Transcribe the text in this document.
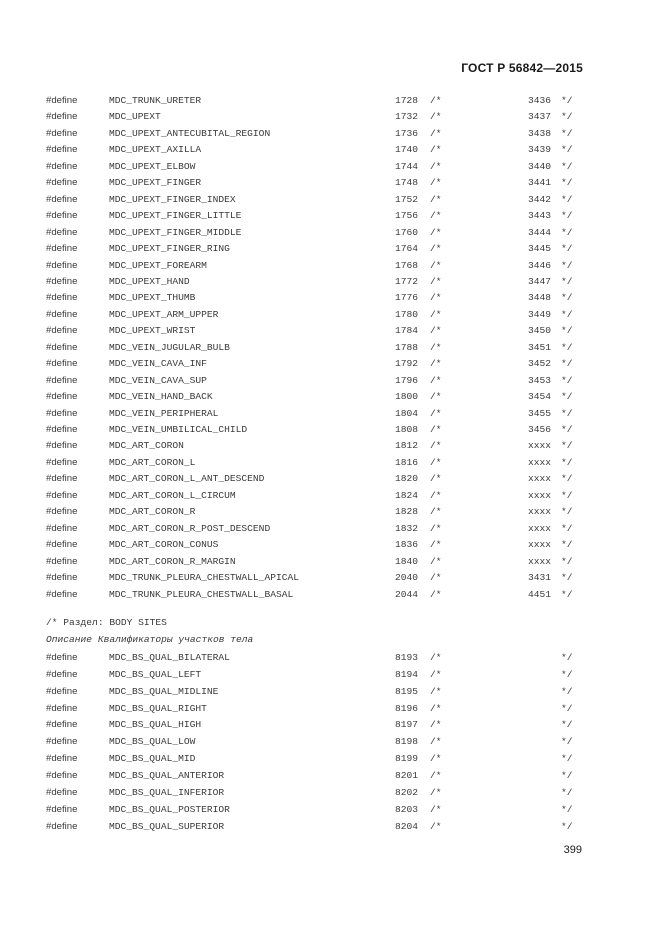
ГОСТ Р 56842—2015
#define	MDC_TRUNK_URETER	1728 /*	3436 */
#define	MDC_UPEXT	1732 /*	3437 */
#define	MDC_UPEXT_ANTECUBITAL_REGION	1736 /*	3438 */
#define	MDC_UPEXT_AXILLA	1740 /*	3439 */
#define	MDC_UPEXT_ELBOW	1744 /*	3440 */
#define	MDC_UPEXT_FINGER	1748 /*	3441 */
#define	MDC_UPEXT_FINGER_INDEX	1752 /*	3442 */
#define	MDC_UPEXT_FINGER_LITTLE	1756 /*	3443 */
#define	MDC_UPEXT_FINGER_MIDDLE	1760 /*	3444 */
#define	MDC_UPEXT_FINGER_RING	1764 /*	3445 */
#define	MDC_UPEXT_FOREARM	1768 /*	3446 */
#define	MDC_UPEXT_HAND	1772 /*	3447 */
#define	MDC_UPEXT_THUMB	1776 /*	3448 */
#define	MDC_UPEXT_ARM_UPPER	1780 /*	3449 */
#define	MDC_UPEXT_WRIST	1784 /*	3450 */
#define	MDC_VEIN_JUGULAR_BULB	1788 /*	3451 */
#define	MDC_VEIN_CAVA_INF	1792 /*	3452 */
#define	MDC_VEIN_CAVA_SUP	1796 /*	3453 */
#define	MDC_VEIN_HAND_BACK	1800 /*	3454 */
#define	MDC_VEIN_PERIPHERAL	1804 /*	3455 */
#define	MDC_VEIN_UMBILICAL_CHILD	1808 /*	3456 */
#define	MDC_ART_CORON	1812 /*	xxxx */
#define	MDC_ART_CORON_L	1816 /*	xxxx */
#define	MDC_ART_CORON_L_ANT_DESCEND	1820 /*	xxxx */
#define	MDC_ART_CORON_L_CIRCUM	1824 /*	xxxx */
#define	MDC_ART_CORON_R	1828 /*	xxxx */
#define	MDC_ART_CORON_R_POST_DESCEND	1832 /*	xxxx */
#define	MDC_ART_CORON_CONUS	1836 /*	xxxx */
#define	MDC_ART_CORON_R_MARGIN	1840 /*	xxxx */
#define	MDC_TRUNK_PLEURA_CHESTWALL_APICAL	2040 /*	3431 */
#define	MDC_TRUNK_PLEURA_CHESTWALL_BASAL	2044 /*	4451 */
/* Раздел: BODY SITES
Описание Квалификаторы участков тела
#define	MDC_BS_QUAL_BILATERAL	8193 /*	*/
#define	MDC_BS_QUAL_LEFT	8194 /*	*/
#define	MDC_BS_QUAL_MIDLINE	8195 /*	*/
#define	MDC_BS_QUAL_RIGHT	8196 /*	*/
#define	MDC_BS_QUAL_HIGH	8197 /*	*/
#define	MDC_BS_QUAL_LOW	8198 /*	*/
#define	MDC_BS_QUAL_MID	8199 /*	*/
#define	MDC_BS_QUAL_ANTERIOR	8201 /*	*/
#define	MDC_BS_QUAL_INFERIOR	8202 /*	*/
#define	MDC_BS_QUAL_POSTERIOR	8203 /*	*/
#define	MDC_BS_QUAL_SUPERIOR	8204 /*	*/
399
